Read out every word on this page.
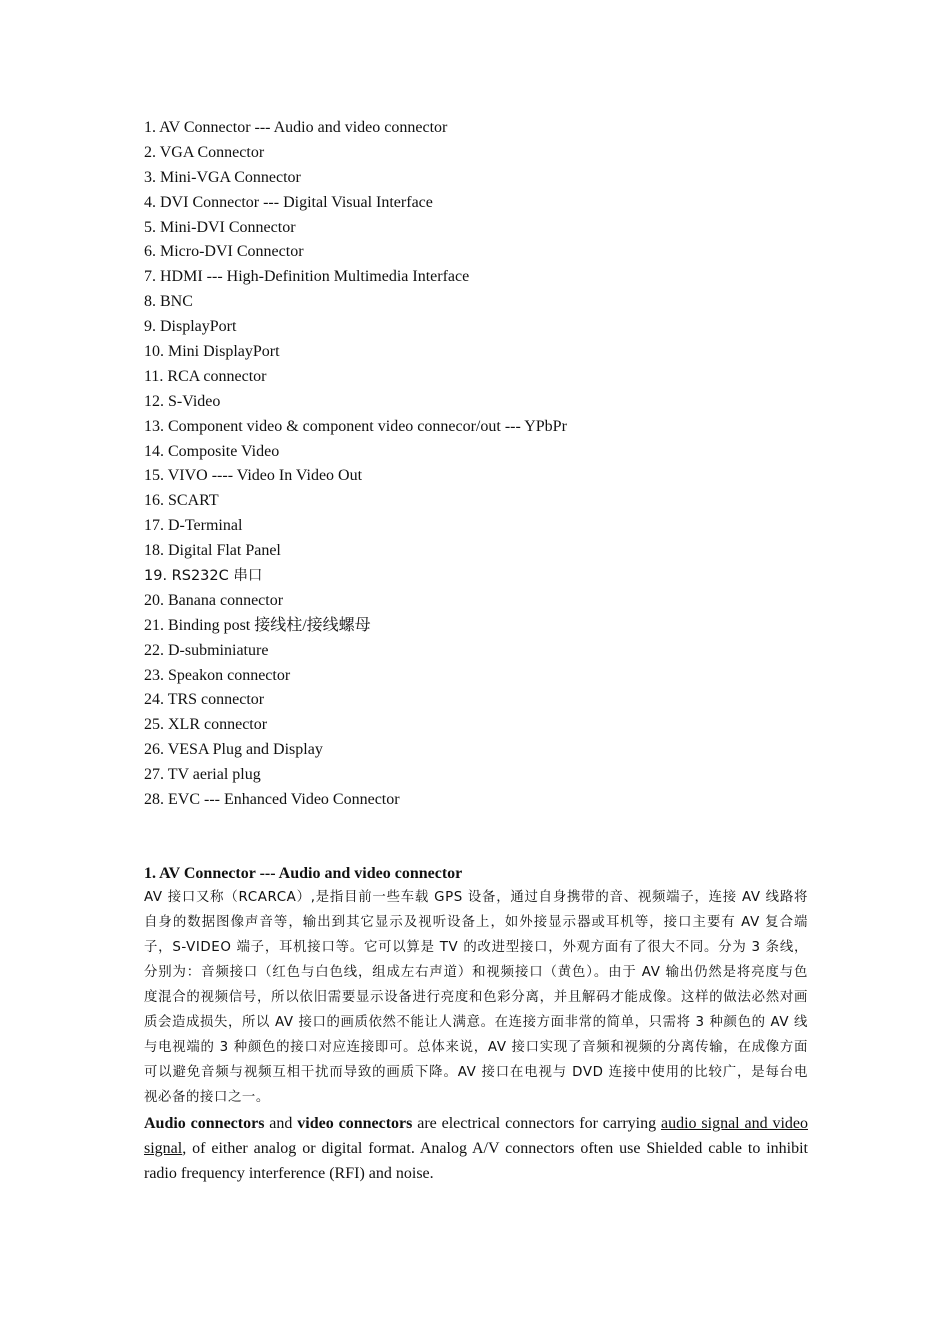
1. AV Connector --- Audio and video connector
2. VGA Connector
3. Mini-VGA Connector
4. DVI Connector --- Digital Visual Interface
5. Mini-DVI Connector
6. Micro-DVI Connector
7. HDMI --- High-Definition Multimedia Interface
8. BNC
9. DisplayPort
10. Mini DisplayPort
11. RCA connector
12. S-Video
13. Component video & component video connecor/out --- YPbPr
14. Composite Video
15. VIVO ---- Video In Video Out
16. SCART
17. D-Terminal
18. Digital Flat Panel
19. RS232C 串口
20. Banana connector
21. Binding post 接线柱/接线螺母
22. D-subminiature
23. Speakon connector
24. TRS connector
25. XLR connector
26. VESA Plug and Display
27. TV aerial plug
28. EVC --- Enhanced Video Connector
1. AV Connector --- Audio and video connector

AV 接口又称（RCARCA）,是指目前一些车载 GPS 设备，通过自身携带的音、视频端子，连接 AV 线路将自身的数据图像声音等，输出到其它显示及视听设备上，如外接显示器或耳机等，接口主要有 AV 复合端子，S-VIDEO 端子，耳机接口等。它可以算是 TV 的改进型接口，外观方面有了很大不同。分为 3 条线，分别为：音频接口（红色与白色线，组成左右声道）和视频接口（黄色）。由于 AV 输出仍然是将亮度与色度混合的视频信号，所以依旧需要显示设备进行亮度和色彩分离，并且解码才能成像。这样的做法必然对画质会造成损失，所以 AV 接口的画质依然不能让人满意。在连接方面非常的简单，只需将 3 种颜色的 AV 线与电视端的 3 种颜色的接口对应连接即可。总体来说，AV 接口实现了音频和视频的分离传输，在成像方面可以避免音频与视频互相干扰而导致的画质下降。AV 接口在电视与 DVD 连接中使用的比较广，是每台电视必备的接口之一。

Audio connectors and video connectors are electrical connectors for carrying audio signal and video signal, of either analog or digital format. Analog A/V connectors often use Shielded cable to inhibit radio frequency interference (RFI) and noise.
